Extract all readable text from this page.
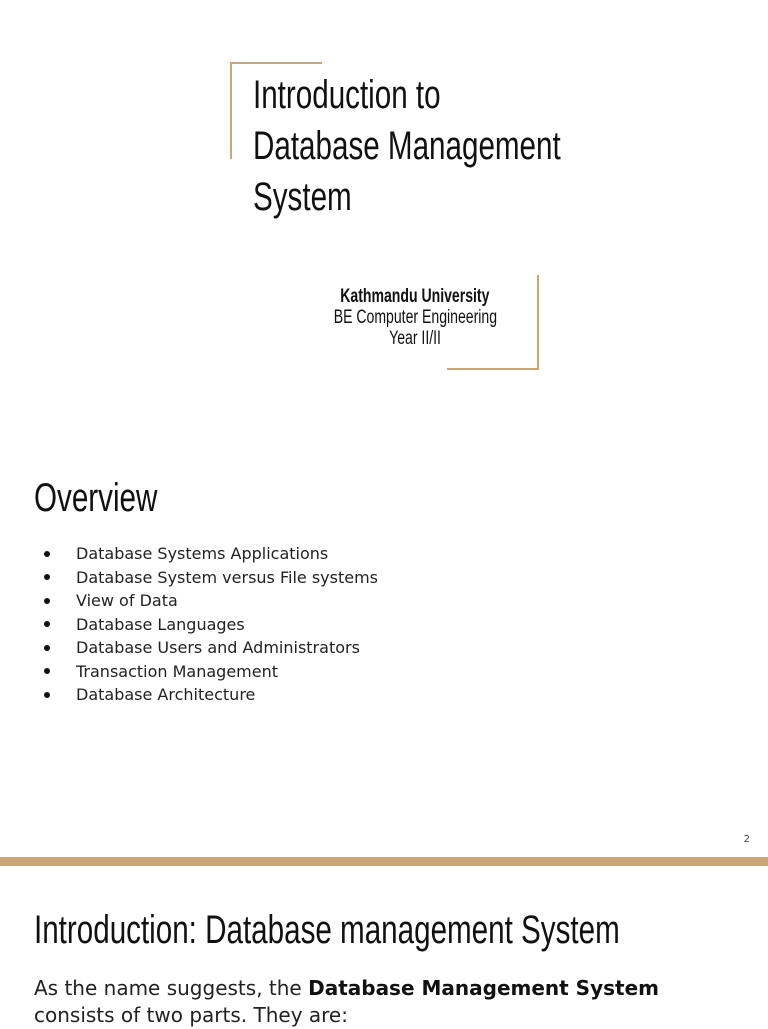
Introduction to
Database Management
System
Kathmandu University
BE Computer Engineering
Year II/II
Overview
Database Systems Applications
Database System versus File systems
View of Data
Database Languages
Database Users and Administrators
Transaction Management
Database Architecture
2
Introduction: Database management System
As the name suggests, the Database Management System consists of two parts. They are:
